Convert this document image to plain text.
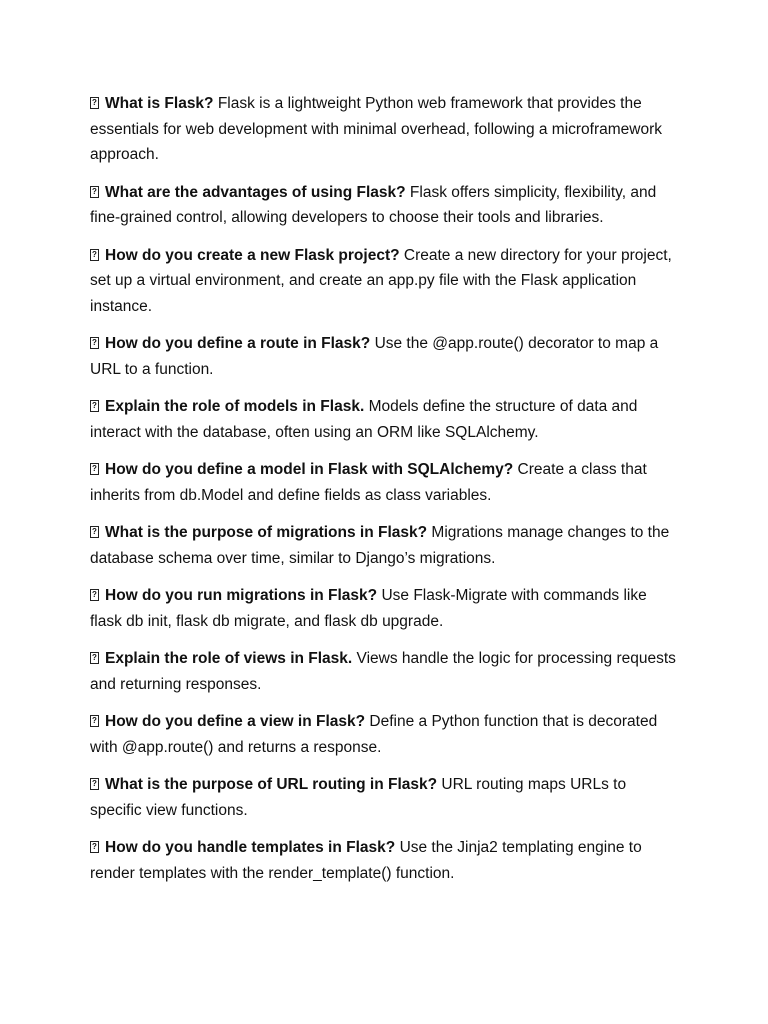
?What is Flask? Flask is a lightweight Python web framework that provides the essentials for web development with minimal overhead, following a microframework approach.

?What are the advantages of using Flask? Flask offers simplicity, flexibility, and fine-grained control, allowing developers to choose their tools and libraries.

?How do you create a new Flask project? Create a new directory for your project, set up a virtual environment, and create an app.py file with the Flask application instance.

?How do you define a route in Flask? Use the @app.route() decorator to map a URL to a function.

?Explain the role of models in Flask. Models define the structure of data and interact with the database, often using an ORM like SQLAlchemy.

?How do you define a model in Flask with SQLAlchemy? Create a class that inherits from db.Model and define fields as class variables.

?What is the purpose of migrations in Flask? Migrations manage changes to the database schema over time, similar to Django’s migrations.

?How do you run migrations in Flask? Use Flask-Migrate with commands like flask db init, flask db migrate, and flask db upgrade.

?Explain the role of views in Flask. Views handle the logic for processing requests and returning responses.

?How do you define a view in Flask? Define a Python function that is decorated with @app.route() and returns a response.

?What is the purpose of URL routing in Flask? URL routing maps URLs to specific view functions.

?How do you handle templates in Flask? Use the Jinja2 templating engine to render templates with the render_template() function.
